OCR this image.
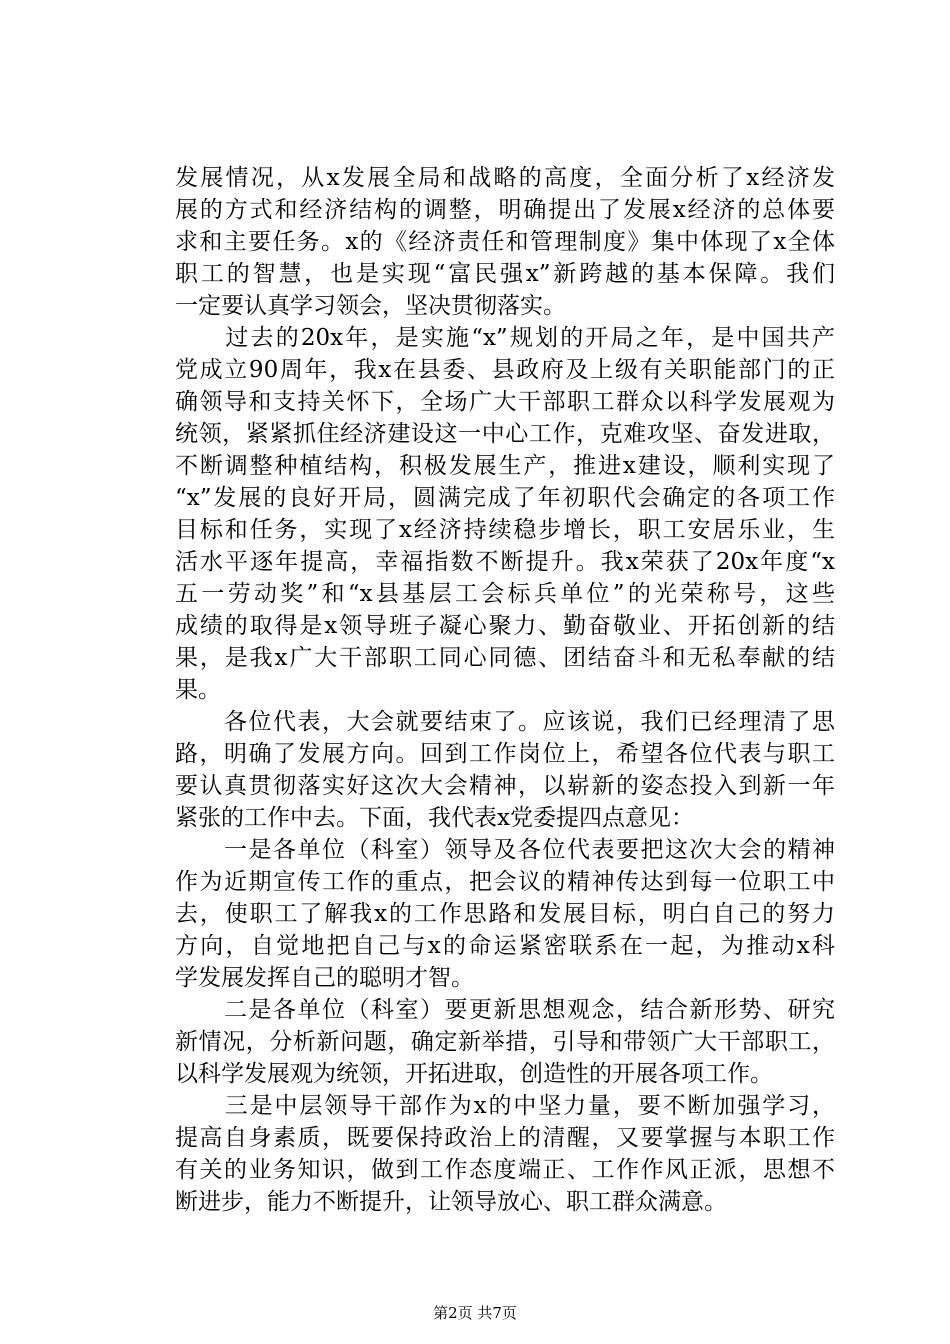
发展情况，从x发展全局和战略的高度，全面分析了x经济发
展的方式和经济结构的调整，明确提出了发展x经济的总体要
求和主要任务。x的《经济责任和管理制度》集中体现了x全体
职工的智慧，也是实现“富民强x”新跨越的基本保障。我们
一定要认真学习领会，坚决贯彻落实。
　　过去的20x年，是实施“x”规划的开局之年，是中国共产
党成立90周年，我x在县委、县政府及上级有关职能部门的正
确领导和支持关怀下，全场广大干部职工群众以科学发展观为
统领，紧紧抓住经济建设这一中心工作，克难攻坚、奋发进取，
不断调整种植结构，积极发展生产，推进x建设，顺利实现了
“x”发展的良好开局，圆满完成了年初职代会确定的各项工作
目标和任务，实现了x经济持续稳步增长，职工安居乐业，生
活水平逐年提高，幸福指数不断提升。我x荣获了20x年度“x
五一劳动奖”和“x县基层工会标兵单位”的光荣称号，这些
成绩的取得是x领导班子凝心聚力、勤奋敬业、开拓创新的结
果，是我x广大干部职工同心同德、团结奋斗和无私奉献的结
果。
　　各位代表，大会就要结束了。应该说，我们已经理清了思
路，明确了发展方向。回到工作岗位上，希望各位代表与职工
要认真贯彻落实好这次大会精神，以崭新的姿态投入到新一年
紧张的工作中去。下面，我代表x党委提四点意见：
　　一是各单位（科室）领导及各位代表要把这次大会的精神
作为近期宣传工作的重点，把会议的精神传达到每一位职工中
去，使职工了解我x的工作思路和发展目标，明白自己的努力
方向，自觉地把自己与x的命运紧密联系在一起，为推动x科
学发展发挥自己的聪明才智。
　　二是各单位（科室）要更新思想观念，结合新形势、研究
新情况，分析新问题，确定新举措，引导和带领广大干部职工，
以科学发展观为统领，开拓进取，创造性的开展各项工作。
　　三是中层领导干部作为x的中坚力量，要不断加强学习，
提高自身素质，既要保持政治上的清醒，又要掌握与本职工作
有关的业务知识，做到工作态度端正、工作作风正派，思想不
断进步，能力不断提升，让领导放心、职工群众满意。
第2页 共7页
